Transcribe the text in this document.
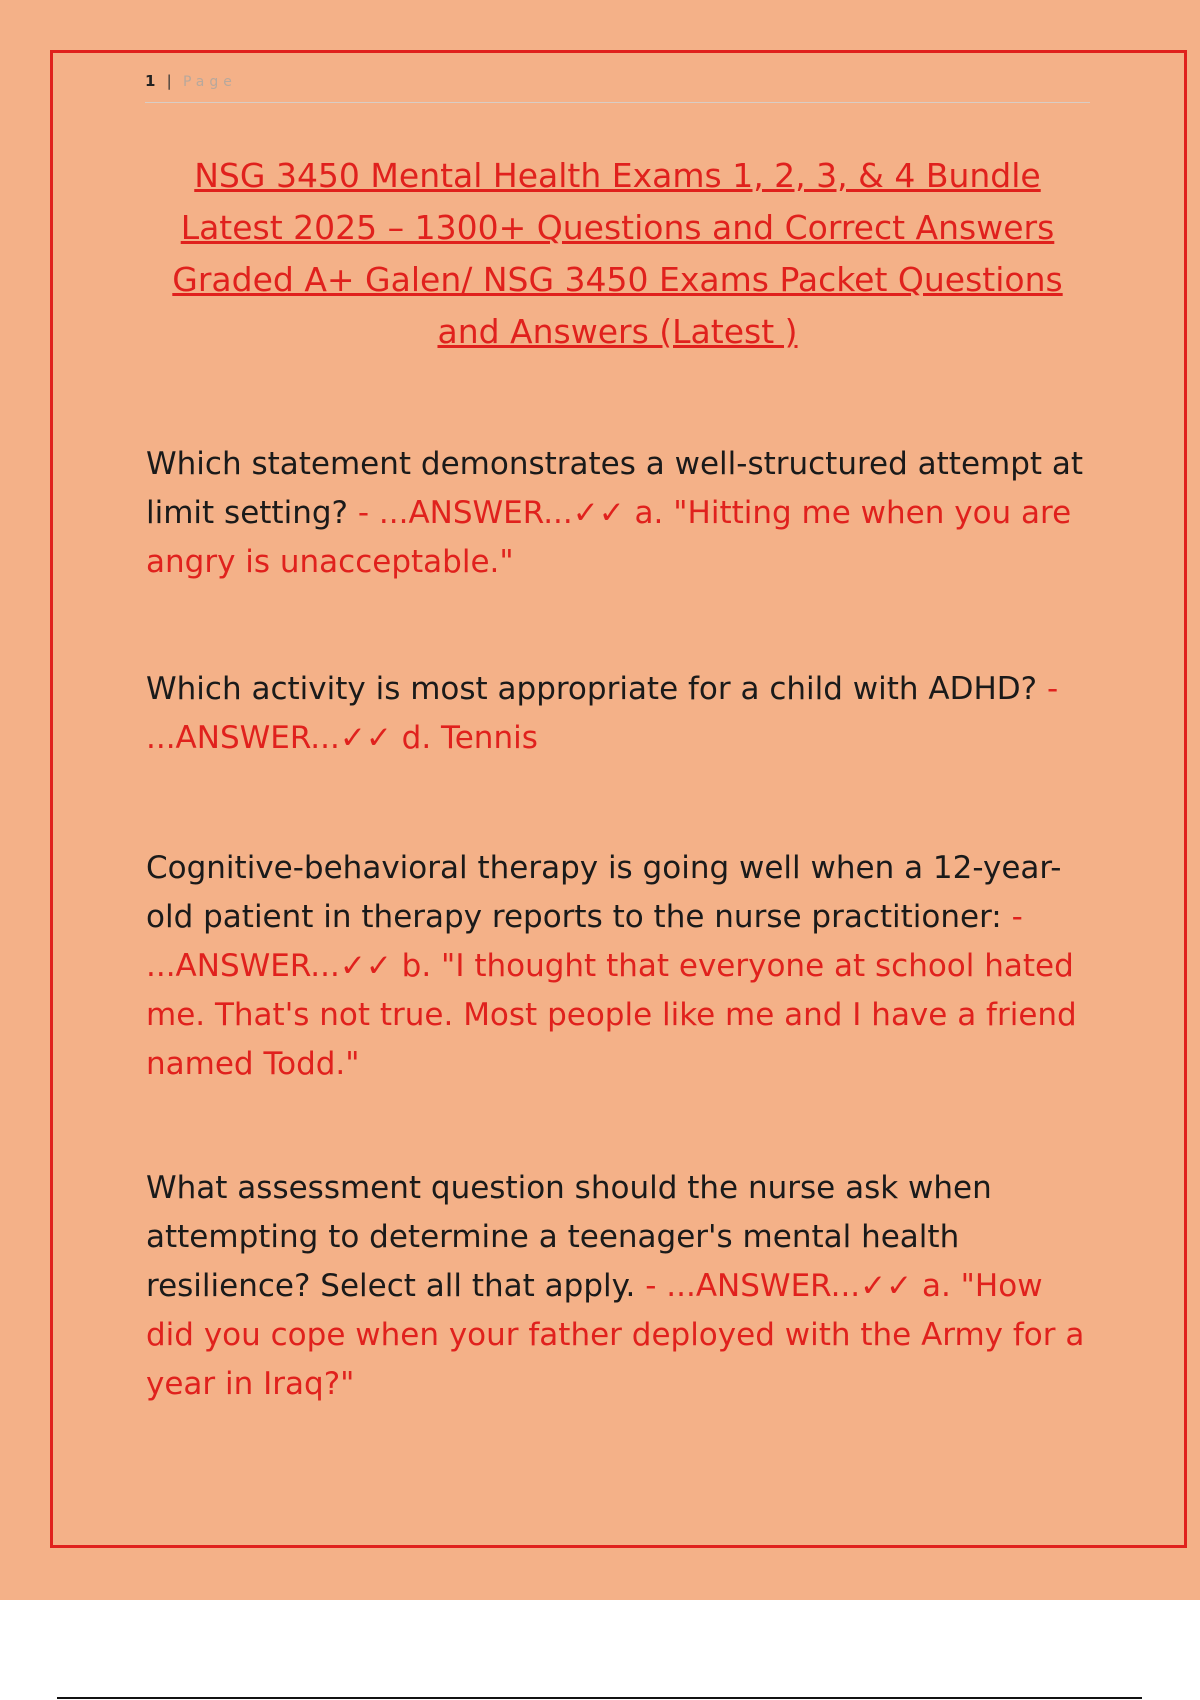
1 | Page
NSG 3450 Mental Health Exams 1, 2, 3, & 4 Bundle Latest 2025 – 1300+ Questions and Correct Answers Graded A+ Galen/ NSG 3450 Exams Packet Questions and Answers (Latest )
Which statement demonstrates a well-structured attempt at limit setting? - ...ANSWER...✓✓ a. "Hitting me when you are angry is unacceptable."
Which activity is most appropriate for a child with ADHD? - ...ANSWER...✓✓ d. Tennis
Cognitive-behavioral therapy is going well when a 12-year-old patient in therapy reports to the nurse practitioner: - ...ANSWER...✓✓ b. "I thought that everyone at school hated me. That's not true. Most people like me and I have a friend named Todd."
What assessment question should the nurse ask when attempting to determine a teenager's mental health resilience? Select all that apply. - ...ANSWER...✓✓ a. "How did you cope when your father deployed with the Army for a year in Iraq?"
